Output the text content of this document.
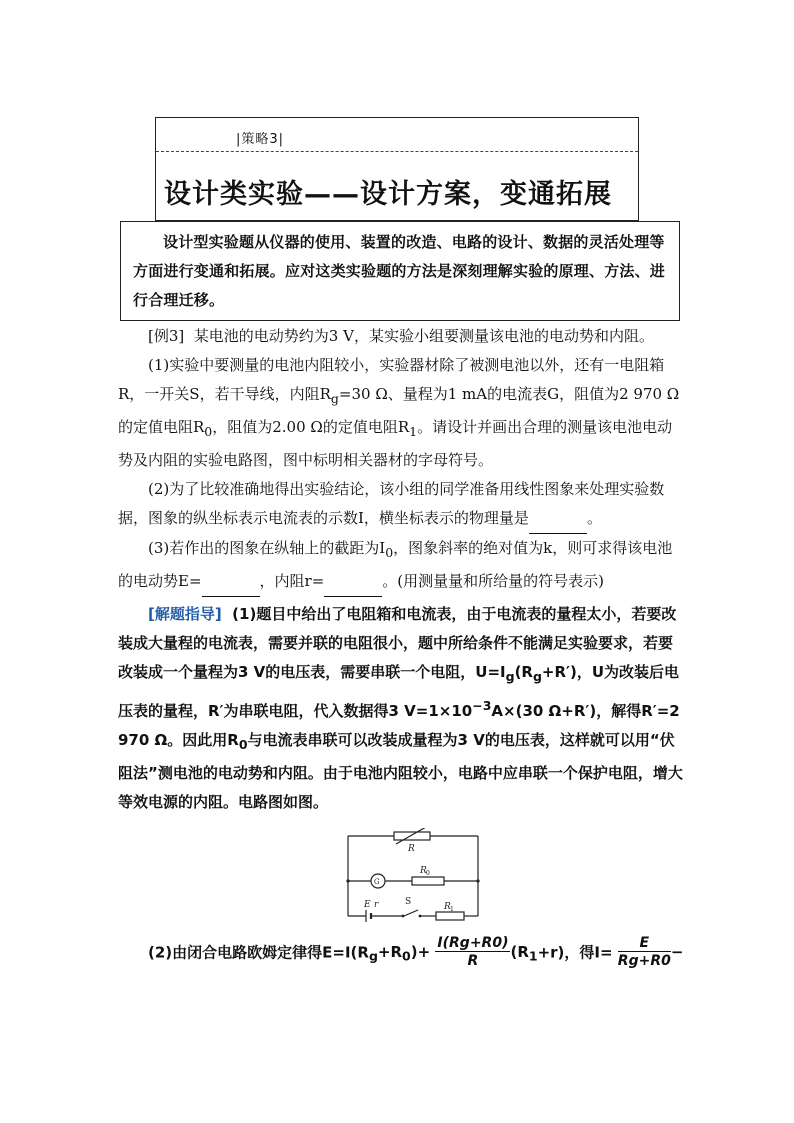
|策略3|
设计类实验——设计方案，变通拓展
设计型实验题从仪器的使用、装置的改造、电路的设计、数据的灵活处理等方面进行变通和拓展。应对这类实验题的方法是深刻理解实验的原理、方法、进行合理迁移。

[例3] 某电池的电动势约为3 V，某实验小组要测量该电池的电动势和内阻。

(1)实验中要测量的电池内阻较小，实验器材除了被测电池以外，还有一电阻箱R，一开关S，若干导线，内阻$R_g=30$ Ω、量程为1 mA的电流表G，阻值为2 970 Ω的定值电阻$R_0$，阻值为2.00 Ω的定值电阻$R_1$。请设计并画出合理的测量该电池电动势及内阻的实验电路图，图中标明相关器材的字母符号。

(2)为了比较准确地得出实验结论，该小组的同学准备用线性图象来处理实验数据，图象的纵坐标表示电流表的示数I，横坐标表示的物理量是	。

(3)若作出的图象在纵轴上的截距为$I_0$，图象斜率的绝对值为k，则可求得该电池的电动势E=	，内阻r=	。(用测量量和所给量的符号表示)

[解题指导] (1)题目中给出了电阻箱和电流表，由于电流表的量程太小，若要改装成大量程的电流表，需要并联的电阻很小，题中所给条件不能满足实验要求，若要改装成一个量程为3 V的电压表，需要串联一个电阻，$U=I_g(R_g+R')$，U为改装后电压表的量程，R′为串联电阻，代入数据得3 $V=1\times 10^{-3}A\times(30$ Ω+R′)，解得R′=2 970 Ω。因此用$R_0$与电流表串联可以改装成量程为3 V的电压表，这样就可以用“伏阻法”测电池的电动势和内阻。由于电池内阻较小，电路中应串联一个保护电阻，增大等效电源的内阻。电路图如图。

R
G
R 0
E r	S	R 1
(2)由闭合电路欧姆定律得$E=I(R_g+R_0)+ \frac{I(Rg+R0)}{R} (R_1+r)$，得$I= \frac{E}{Rg+R0}$ −
